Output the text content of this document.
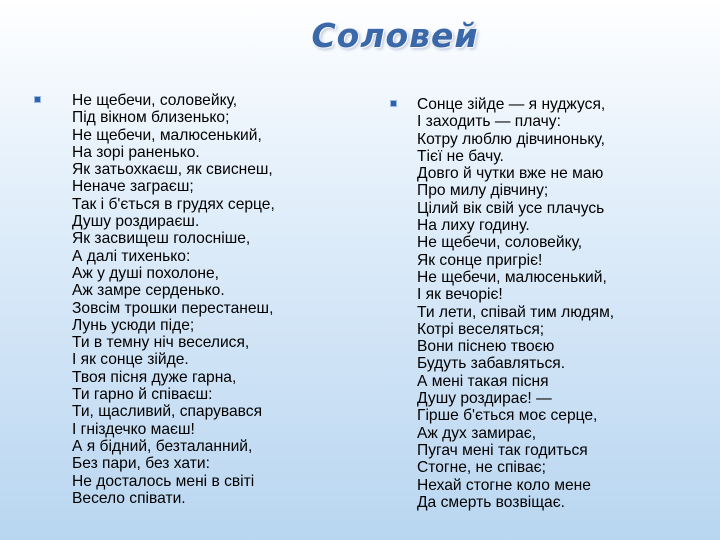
Соловей
Не щебечи, соловейку,
Під вікном близенько;
Не щебечи, малюсенький,
На зорі раненько.
Як затьохкаєш, як свиснеш,
Неначе заграєш;
Так і б'ється в грудях серце,
Душу роздираєш.
Як засвищеш голосніше,
А далі тихенько:
Аж у душі похолоне,
Аж замре серденько.
Зовсім трошки перестанеш,
Лунь усюди піде;
Ти в темну ніч веселися,
І як сонце зійде.
Твоя пісня дуже гарна,
Ти гарно й співаєш:
Ти, щасливий, спарувався
І гніздечко маєш!
А я бідний, безталанний,
Без пари, без хати:
Не досталось мені в світі
Весело співати.
Сонце зійде — я нуджуся,
І заходить — плачу:
Котру люблю дівчиноньку,
Тієї не бачу.
Довго й чутки вже не маю
Про милу дівчину;
Цілий вік свій усе плачусь
На лиху годину.
Не щебечи, соловейку,
Як сонце пригріє!
Не щебечи, малюсенький,
І як вечоріє!
Ти лети, співай тим людям,
Котрі веселяться;
Вони піснею твоєю
Будуть забавляться.
А мені такая пісня
Душу роздирає! —
Гірше б'ється моє серце,
Аж дух замирає,
Пугач мені так годиться
Стогне, не співає;
Нехай стогне коло мене
Да смерть возвіщає.
